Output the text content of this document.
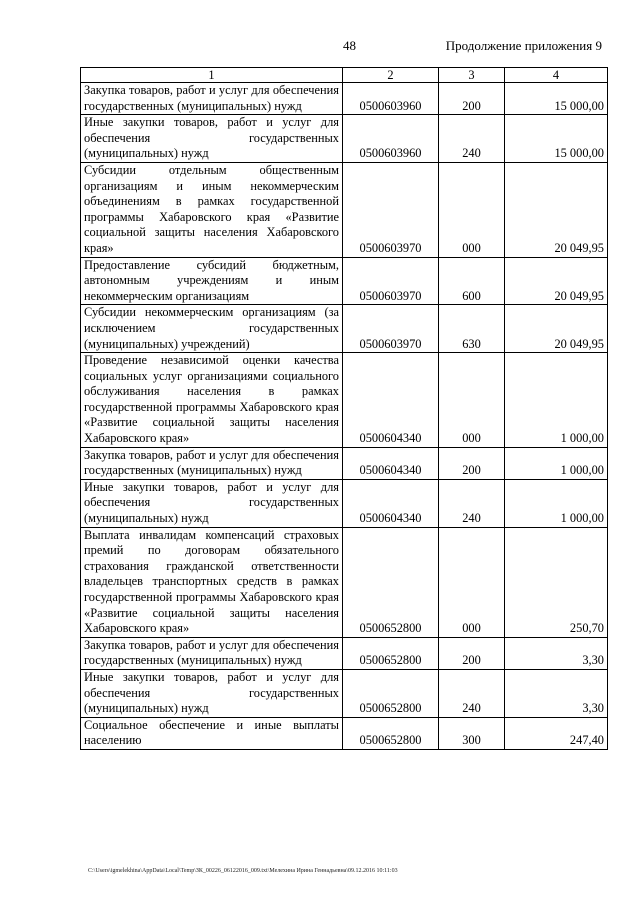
48	Продолжение приложения 9
1	2	3	4
Закупка товаров, работ и услуг для обеспечения государственных (муниципальных) нужд	0500603960	200	15 000,00
Иные закупки товаров, работ и услуг для обеспечения государственных (муниципальных) нужд	0500603960	240	15 000,00
Субсидии отдельным общественным организациям и иным некоммерческим объединениям в рамках государственной программы Хабаровского края «Развитие социальной защиты населения Хабаровского края»	0500603970	000	20 049,95
Предоставление субсидий бюджетным, автономным учреждениям и иным некоммерческим организациям	0500603970	600	20 049,95
Субсидии некоммерческим организациям (за исключением государственных (муниципальных) учреждений)	0500603970	630	20 049,95
Проведение независимой оценки качества социальных услуг организациями социального обслуживания населения в рамках государственной программы Хабаровского края «Развитие социальной защиты населения Хабаровского края»	0500604340	000	1 000,00
Закупка товаров, работ и услуг для обеспечения государственных (муниципальных) нужд	0500604340	200	1 000,00
Иные закупки товаров, работ и услуг для обеспечения государственных (муниципальных) нужд	0500604340	240	1 000,00
Выплата инвалидам компенсаций страховых премий по договорам обязательного страхования гражданской ответственности владельцев транспортных средств в рамках государственной программы Хабаровского края «Развитие социальной защиты населения Хабаровского края»	0500652800	000	250,70
Закупка товаров, работ и услуг для обеспечения государственных (муниципальных) нужд	0500652800	200	3,30
Иные закупки товаров, работ и услуг для обеспечения государственных (муниципальных) нужд	0500652800	240	3,30
Социальное обеспечение и иные выплаты населению	0500652800	300	247,40
C:\Users\igmelekhina\AppData\Local\Temp\ЗК_00226_06122016_009.txt\Мелехина Ирина Геннадьевна\09.12.2016 10:11:03
